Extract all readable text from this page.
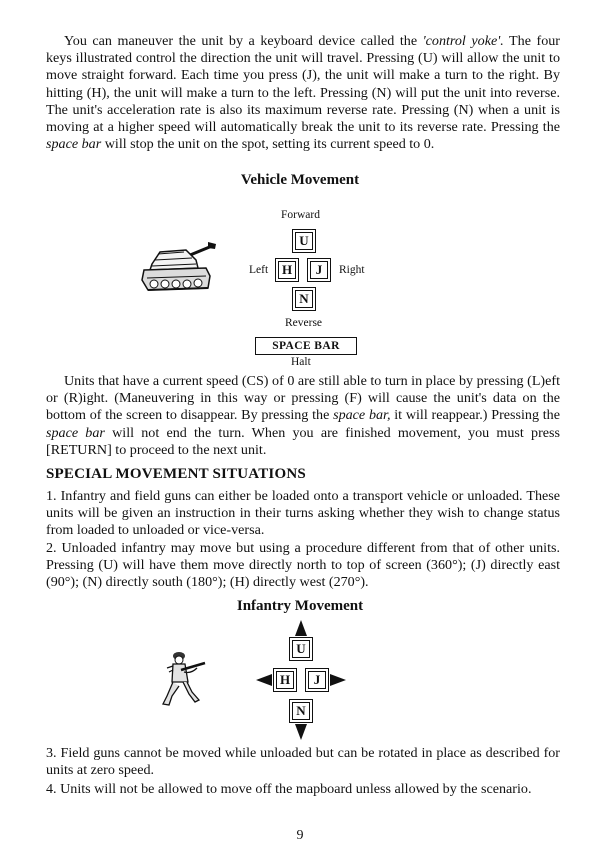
You can maneuver the unit by a keyboard device called the 'control yoke'. The four keys illustrated control the direction the unit will travel. Pressing (U) will allow the unit to move straight forward. Each time you press (J), the unit will make a turn to the right. By hitting (H), the unit will make a turn to the left. Pressing (N) will put the unit into reverse. The unit's acceleration rate is also its maximum reverse rate. Pressing (N) when a unit is moving at a higher speed will automatically break the unit to its reverse rate. Pressing the space bar will stop the unit on the spot, setting its current speed to 0.

Vehicle Movement
Forward
U
Left	H	J	Right
N
Reverse
SPACE BAR
Halt

Units that have a current speed (CS) of 0 are still able to turn in place by pressing (L)eft or (R)ight. (Maneuvering in this way or pressing (F) will cause the unit's data on the bottom of the screen to disappear. By pressing the space bar, it will reappear.) Pressing the space bar will not end the turn. When you are finished movement, you must press [RETURN] to proceed to the next unit.

SPECIAL MOVEMENT SITUATIONS

1. Infantry and field guns can either be loaded onto a transport vehicle or unloaded. These units will be given an instruction in their turns asking whether they wish to change status from loaded to unloaded or vice-versa.

2. Unloaded infantry may move but using a procedure different from that of other units. Pressing (U) will have them move directly north to top of screen (360°); (J) directly east (90°); (N) directly south (180°); (H) directly west (270°).

Infantry Movement
U
H	J
N

3. Field guns cannot be moved while unloaded but can be rotated in place as described for units at zero speed.

4. Units will not be allowed to move off the mapboard unless allowed by the scenario.

9
